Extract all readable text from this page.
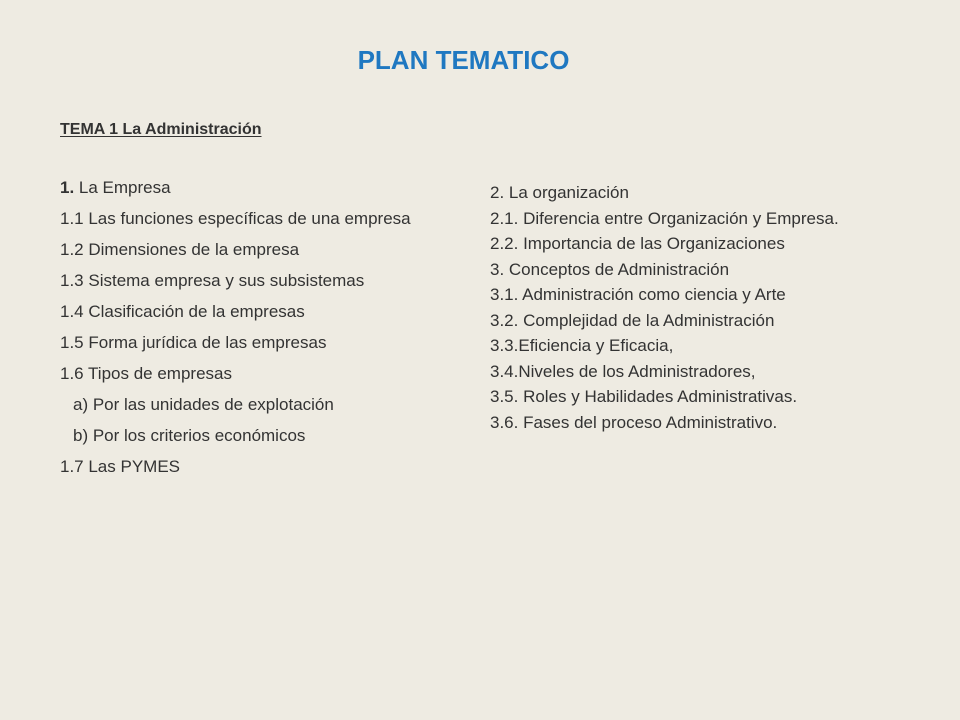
PLAN TEMATICO
TEMA 1 La Administración
1. La Empresa
1.1 Las funciones específicas de una empresa
1.2 Dimensiones de la empresa
1.3 Sistema empresa y sus subsistemas
1.4 Clasificación de la empresas
1.5 Forma jurídica de las empresas
1.6 Tipos de empresas
a) Por las unidades de explotación
b) Por los criterios económicos
1.7 Las PYMES
2. La organización
2.1. Diferencia entre Organización y Empresa.
2.2. Importancia de las Organizaciones
3. Conceptos de Administración
3.1. Administración como ciencia y Arte
3.2. Complejidad de la Administración
3.3.Eficiencia y Eficacia,
3.4.Niveles de los Administradores,
3.5. Roles y Habilidades Administrativas.
3.6. Fases del proceso Administrativo.
